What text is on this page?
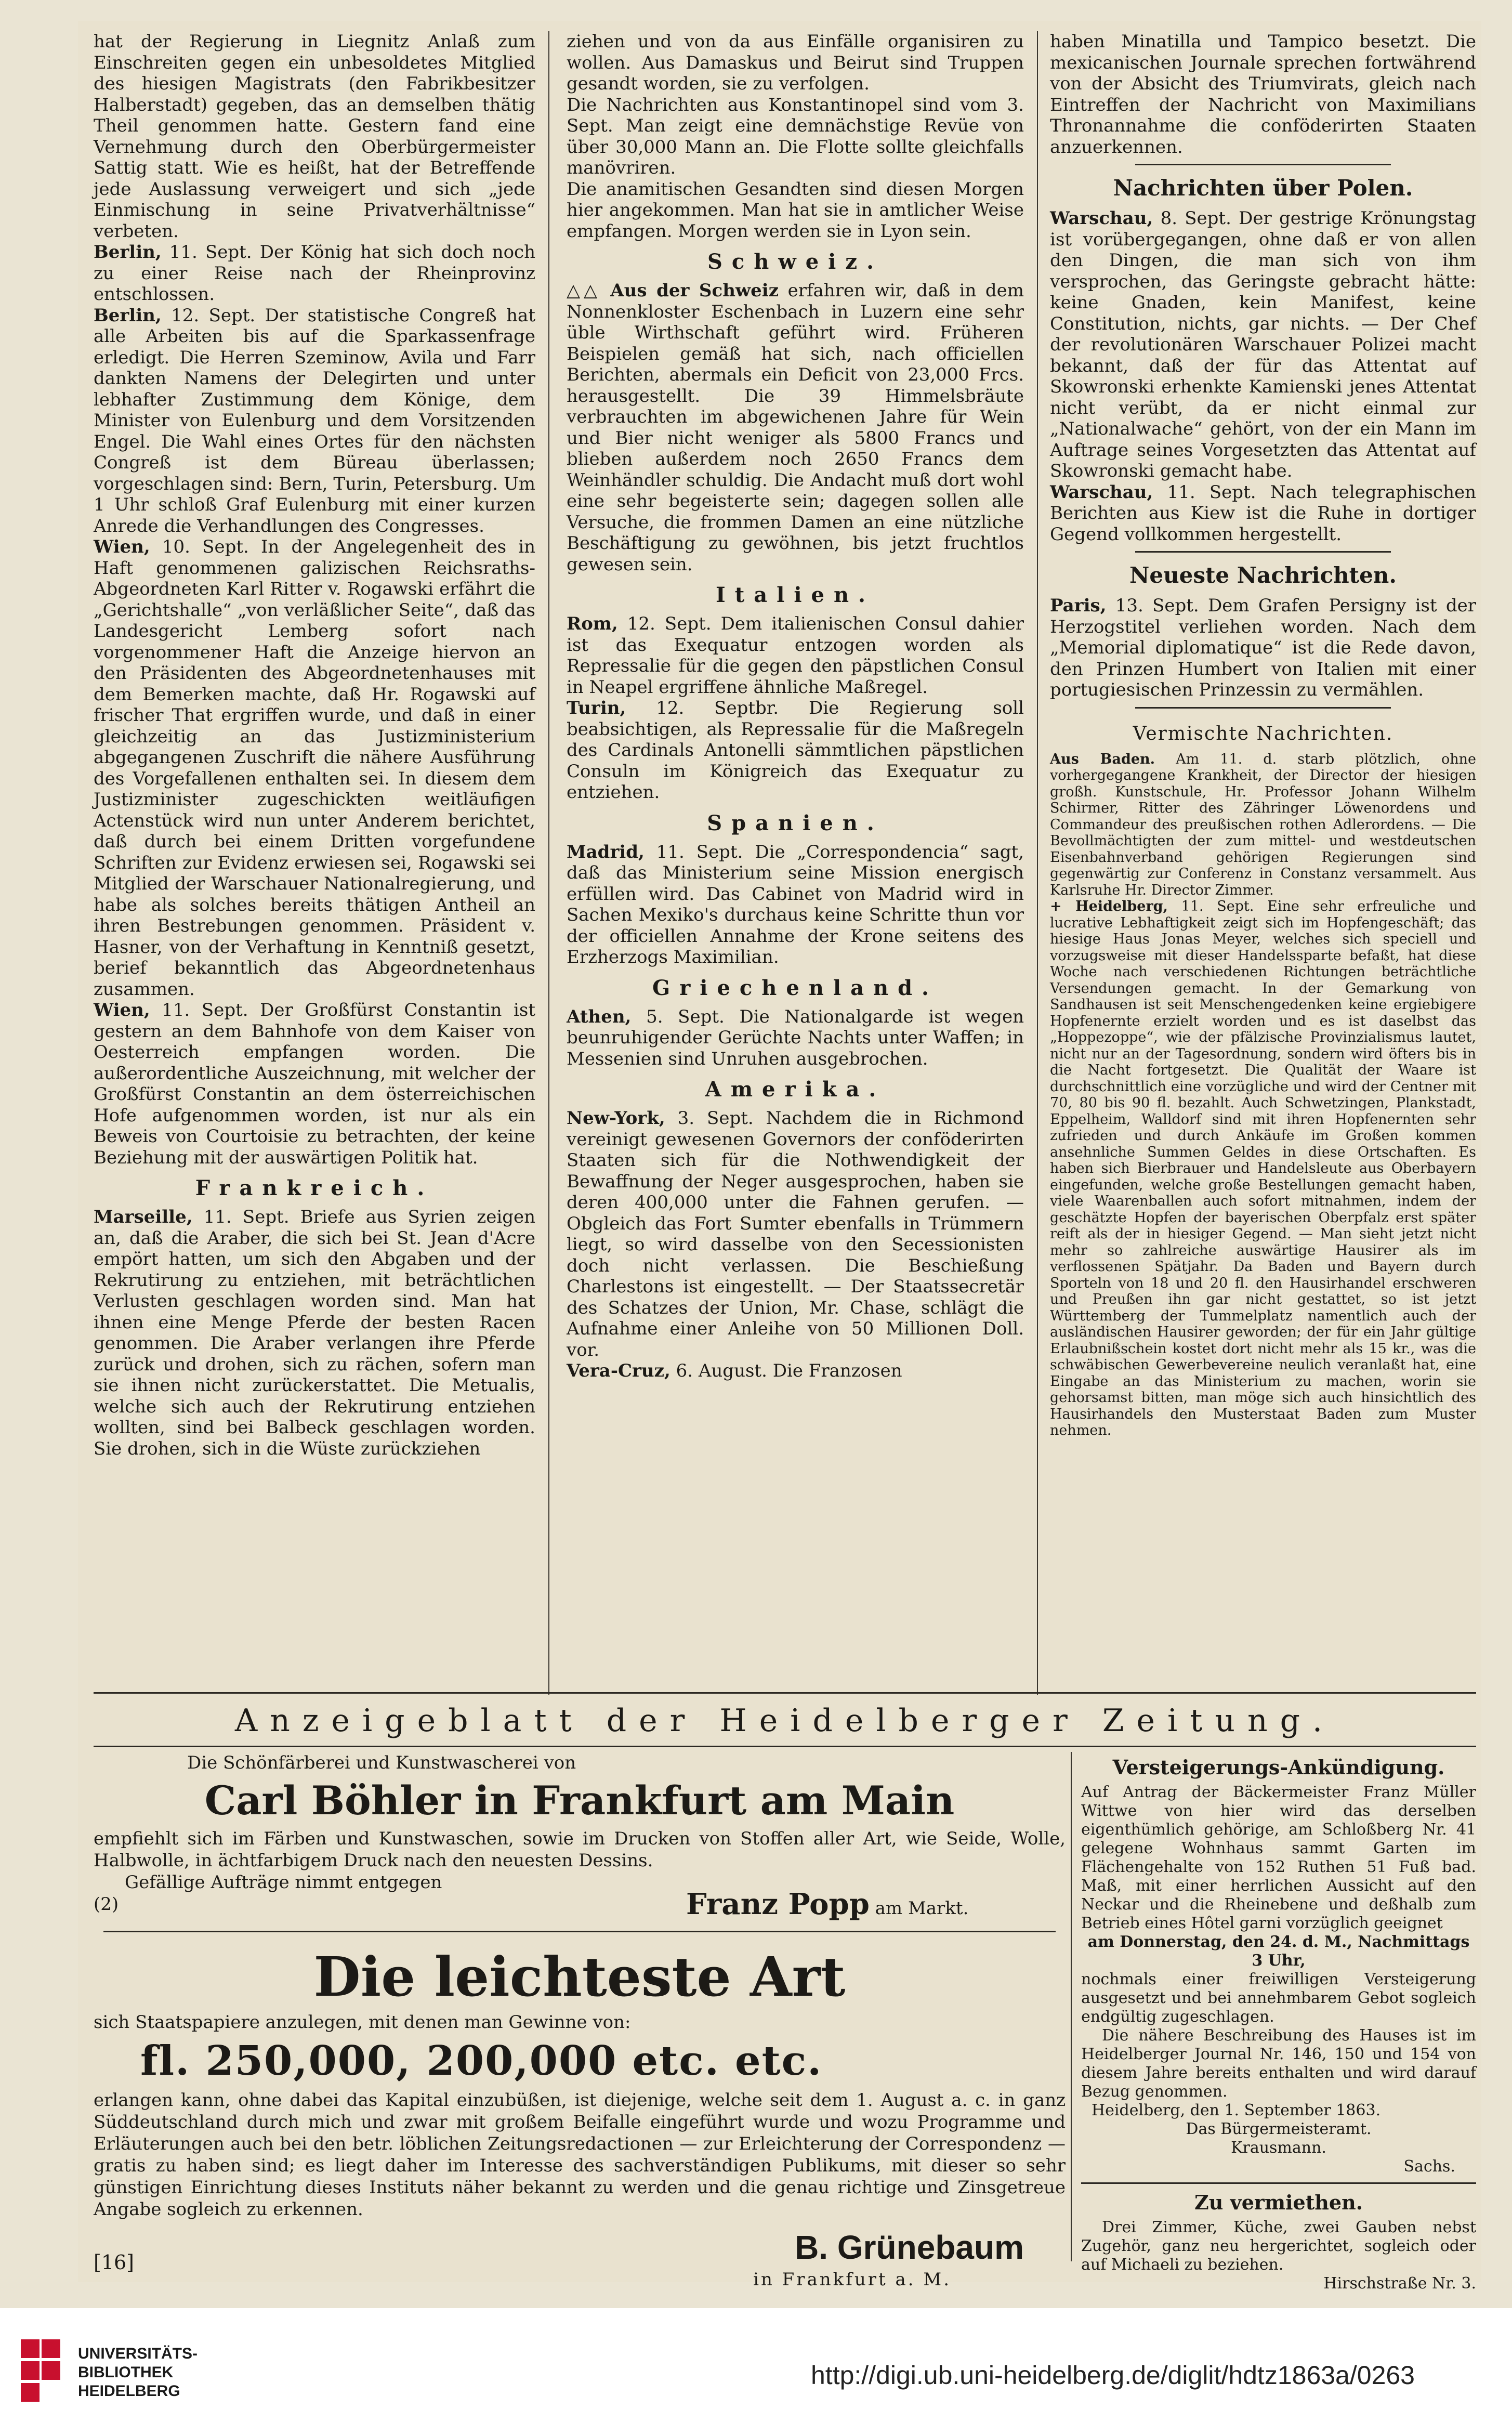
hat der Regierung in Liegnitz Anlaß zum Einschreiten gegen ein unbesoldetes Mitglied des hiesigen Magistrats (den Fabrikbesitzer Halberstadt) gegeben, das an demselben thätig Theil genommen hatte. Gestern fand eine Vernehmung durch den Oberbürgermeister Sattig statt. Wie es heißt, hat der Betreffende jede Auslassung verweigert und sich „jede Einmischung in seine Privatverhältnisse“ verbeten.

Berlin, 11. Sept. Der König hat sich doch noch zu einer Reise nach der Rheinprovinz entschlossen.

Berlin, 12. Sept. Der statistische Congreß hat alle Arbeiten bis auf die Sparkassenfrage erledigt. Die Herren Szeminow, Avila und Farr dankten Namens der Delegirten und unter lebhafter Zustimmung dem Könige, dem Minister von Eulenburg und dem Vorsitzenden Engel. Die Wahl eines Ortes für den nächsten Congreß ist dem Büreau überlassen; vorgeschlagen sind: Bern, Turin, Petersburg. Um 1 Uhr schloß Graf Eulenburg mit einer kurzen Anrede die Verhandlungen des Congresses.

Wien, 10. Sept. In der Angelegenheit des in Haft genommenen galizischen Reichsraths-Abgeordneten Karl Ritter v. Rogawski erfährt die „Gerichtshalle“ „von verläßlicher Seite“, daß das Landesgericht Lemberg sofort nach vorgenommener Haft die Anzeige hiervon an den Präsidenten des Abgeordnetenhauses mit dem Bemerken machte, daß Hr. Rogawski auf frischer That ergriffen wurde, und daß in einer gleichzeitig an das Justizministerium abgegangenen Zuschrift die nähere Ausführung des Vorgefallenen enthalten sei. In diesem dem Justizminister zugeschickten weitläufigen Actenstück wird nun unter Anderem berichtet, daß durch bei einem Dritten vorgefundene Schriften zur Evidenz erwiesen sei, Rogawski sei Mitglied der Warschauer Nationalregierung, und habe als solches bereits thätigen Antheil an ihren Bestrebungen genommen. Präsident v. Hasner, von der Verhaftung in Kenntniß gesetzt, berief bekanntlich das Abgeordnetenhaus zusammen.

Wien, 11. Sept. Der Großfürst Constantin ist gestern an dem Bahnhofe von dem Kaiser von Oesterreich empfangen worden. Die außerordentliche Auszeichnung, mit welcher der Großfürst Constantin an dem österreichischen Hofe aufgenommen worden, ist nur als ein Beweis von Courtoisie zu betrachten, der keine Beziehung mit der auswärtigen Politik hat.

Frankreich.

Marseille, 11. Sept. Briefe aus Syrien zeigen an, daß die Araber, die sich bei St. Jean d'Acre empört hatten, um sich den Abgaben und der Rekrutirung zu entziehen, mit beträchtlichen Verlusten geschlagen worden sind. Man hat ihnen eine Menge Pferde der besten Racen genommen. Die Araber verlangen ihre Pferde zurück und drohen, sich zu rächen, sofern man sie ihnen nicht zurückerstattet. Die Metualis, welche sich auch der Rekrutirung entziehen wollten, sind bei Balbeck geschlagen worden. Sie drohen, sich in die Wüste zurückziehen

ziehen und von da aus Einfälle organisiren zu wollen. Aus Damaskus und Beirut sind Truppen gesandt worden, sie zu verfolgen.

Die Nachrichten aus Konstantinopel sind vom 3. Sept. Man zeigt eine demnächstige Revüe von über 30,000 Mann an. Die Flotte sollte gleichfalls manövriren.

Die anamitischen Gesandten sind diesen Morgen hier angekommen. Man hat sie in amtlicher Weise empfangen. Morgen werden sie in Lyon sein.

Schweiz.

△△ Aus der Schweiz erfahren wir, daß in dem Nonnenkloster Eschenbach in Luzern eine sehr üble Wirthschaft geführt wird. Früheren Beispielen gemäß hat sich, nach officiellen Berichten, abermals ein Deficit von 23,000 Frcs. herausgestellt. Die 39 Himmelsbräute verbrauchten im abgewichenen Jahre für Wein und Bier nicht weniger als 5800 Francs und blieben außerdem noch 2650 Francs dem Weinhändler schuldig. Die Andacht muß dort wohl eine sehr begeisterte sein; dagegen sollen alle Versuche, die frommen Damen an eine nützliche Beschäftigung zu gewöhnen, bis jetzt fruchtlos gewesen sein.

Italien.

Rom, 12. Sept. Dem italienischen Consul dahier ist das Exequatur entzogen worden als Repressalie für die gegen den päpstlichen Consul in Neapel ergriffene ähnliche Maßregel.

Turin, 12. Septbr. Die Regierung soll beabsichtigen, als Repressalie für die Maßregeln des Cardinals Antonelli sämmtlichen päpstlichen Consuln im Königreich das Exequatur zu entziehen.

Spanien.

Madrid, 11. Sept. Die „Correspondencia“ sagt, daß das Ministerium seine Mission energisch erfüllen wird. Das Cabinet von Madrid wird in Sachen Mexiko's durchaus keine Schritte thun vor der officiellen Annahme der Krone seitens des Erzherzogs Maximilian.

Griechenland.

Athen, 5. Sept. Die Nationalgarde ist wegen beunruhigender Gerüchte Nachts unter Waffen; in Messenien sind Unruhen ausgebrochen.

Amerika.

New-York, 3. Sept. Nachdem die in Richmond vereinigt gewesenen Governors der conföderirten Staaten sich für die Nothwendigkeit der Bewaffnung der Neger ausgesprochen, haben sie deren 400,000 unter die Fahnen gerufen. — Obgleich das Fort Sumter ebenfalls in Trümmern liegt, so wird dasselbe von den Secessionisten doch nicht verlassen. Die Beschießung Charlestons ist eingestellt. — Der Staatssecretär des Schatzes der Union, Mr. Chase, schlägt die Aufnahme einer Anleihe von 50 Millionen Doll. vor.

Vera-Cruz, 6. August. Die Franzosen

haben Minatilla und Tampico besetzt. Die mexicanischen Journale sprechen fortwährend von der Absicht des Triumvirats, gleich nach Eintreffen der Nachricht von Maximilians Thronannahme die conföderirten Staaten anzuerkennen.

Nachrichten über Polen.

Warschau, 8. Sept. Der gestrige Krönungstag ist vorübergegangen, ohne daß er von allen den Dingen, die man sich von ihm versprochen, das Geringste gebracht hätte: keine Gnaden, kein Manifest, keine Constitution, nichts, gar nichts. — Der Chef der revolutionären Warschauer Polizei macht bekannt, daß der für das Attentat auf Skowronski erhenkte Kamienski jenes Attentat nicht verübt, da er nicht einmal zur „Nationalwache“ gehört, von der ein Mann im Auftrage seines Vorgesetzten das Attentat auf Skowronski gemacht habe.

Warschau, 11. Sept. Nach telegraphischen Berichten aus Kiew ist die Ruhe in dortiger Gegend vollkommen hergestellt.

Neueste Nachrichten.

Paris, 13. Sept. Dem Grafen Persigny ist der Herzogstitel verliehen worden. Nach dem „Memorial diplomatique“ ist die Rede davon, den Prinzen Humbert von Italien mit einer portugiesischen Prinzessin zu vermählen.

Vermischte Nachrichten.

Aus Baden. Am 11. d. starb plötzlich, ohne vorhergegangene Krankheit, der Director der hiesigen großh. Kunstschule, Hr. Professor Johann Wilhelm Schirmer, Ritter des Zähringer Löwenordens und Commandeur des preußischen rothen Adlerordens. — Die Bevollmächtigten der zum mittel- und westdeutschen Eisenbahnverband gehörigen Regierungen sind gegenwärtig zur Conferenz in Constanz versammelt. Aus Karlsruhe Hr. Director Zimmer.

+ Heidelberg, 11. Sept. Eine sehr erfreuliche und lucrative Lebhaftigkeit zeigt sich im Hopfengeschäft; das hiesige Haus Jonas Meyer, welches sich speciell und vorzugsweise mit dieser Handelssparte befaßt, hat diese Woche nach verschiedenen Richtungen beträchtliche Versendungen gemacht. In der Gemarkung von Sandhausen ist seit Menschengedenken keine ergiebigere Hopfenernte erzielt worden und es ist daselbst das „Hoppezoppe“, wie der pfälzische Provinzialismus lautet, nicht nur an der Tagesordnung, sondern wird öfters bis in die Nacht fortgesetzt. Die Qualität der Waare ist durchschnittlich eine vorzügliche und wird der Centner mit 70, 80 bis 90 fl. bezahlt. Auch Schwetzingen, Plankstadt, Eppelheim, Walldorf sind mit ihren Hopfenernten sehr zufrieden und durch Ankäufe im Großen kommen ansehnliche Summen Geldes in diese Ortschaften. Es haben sich Bierbrauer und Handelsleute aus Oberbayern eingefunden, welche große Bestellungen gemacht haben, viele Waarenballen auch sofort mitnahmen, indem der geschätzte Hopfen der bayerischen Oberpfalz erst später reift als der in hiesiger Gegend. — Man sieht jetzt nicht mehr so zahlreiche auswärtige Hausirer als im verflossenen Spätjahr. Da Baden und Bayern durch Sporteln von 18 und 20 fl. den Hausirhandel erschweren und Preußen ihn gar nicht gestattet, so ist jetzt Württemberg der Tummelplatz namentlich auch der ausländischen Hausirer geworden; der für ein Jahr gültige Erlaubnißschein kostet dort nicht mehr als 15 kr., was die schwäbischen Gewerbevereine neulich veranlaßt hat, eine Eingabe an das Ministerium zu machen, worin sie gehorsamst bitten, man möge sich auch hinsichtlich des Hausirhandels den Musterstaat Baden zum Muster nehmen.

Anzeigeblatt der Heidelberger Zeitung.

Die Schönfärberei und Kunstwascherei von

Carl Böhler in Frankfurt am Main

empfiehlt sich im Färben und Kunstwaschen, sowie im Drucken von Stoffen aller Art, wie Seide, Wolle, Halbwolle, in ächtfarbigem Druck nach den neuesten Dessins.

Gefällige Aufträge nimmt entgegen

(2)	Franz Popp am Markt.

Die leichteste Art

sich Staatspapiere anzulegen, mit denen man Gewinne von:

fl. 250,000, 200,000 etc. etc.

erlangen kann, ohne dabei das Kapital einzubüßen, ist diejenige, welche seit dem 1. August a. c. in ganz Süddeutschland durch mich und zwar mit großem Beifalle eingeführt wurde und wozu Programme und Erläuterungen auch bei den betr. löblichen Zeitungsredactionen — zur Erleichterung der Correspondenz — gratis zu haben sind; es liegt daher im Interesse des sachverständigen Publikums, mit dieser so sehr günstigen Einrichtung dieses Instituts näher bekannt zu werden und die genau richtige und Zinsgetreue Angabe sogleich zu erkennen.

B. Grünebaum
in Frankfurt a. M.
[16]
Versteigerungs-Ankündigung.

Auf Antrag der Bäckermeister Franz Müller Wittwe von hier wird das derselben eigenthümlich gehörige, am Schloßberg Nr. 41 gelegene Wohnhaus sammt Garten im Flächengehalte von 152 Ruthen 51 Fuß bad. Maß, mit einer herrlichen Aussicht auf den Neckar und die Rheinebene und deßhalb zum Betrieb eines Hôtel garni vorzüglich geeignet

am Donnerstag, den 24. d. M., Nachmittags 3 Uhr,

nochmals einer freiwilligen Versteigerung ausgesetzt und bei annehmbarem Gebot sogleich endgültig zugeschlagen.

Die nähere Beschreibung des Hauses ist im Heidelberger Journal Nr. 146, 150 und 154 von diesem Jahre bereits enthalten und wird darauf Bezug genommen.

Heidelberg, den 1. September 1863.

Das Bürgermeisteramt.

Krausmann.

Sachs.

Zu vermiethen.

Drei Zimmer, Küche, zwei Gauben nebst Zugehör, ganz neu hergerichtet, sogleich oder auf Michaeli zu beziehen.

Hirschstraße Nr. 3.

UNIVERSITÄTS-
BIBLIOTHEK
HEIDELBERG
http://digi.ub.uni-heidelberg.de/diglit/hdtz1863a/0263
